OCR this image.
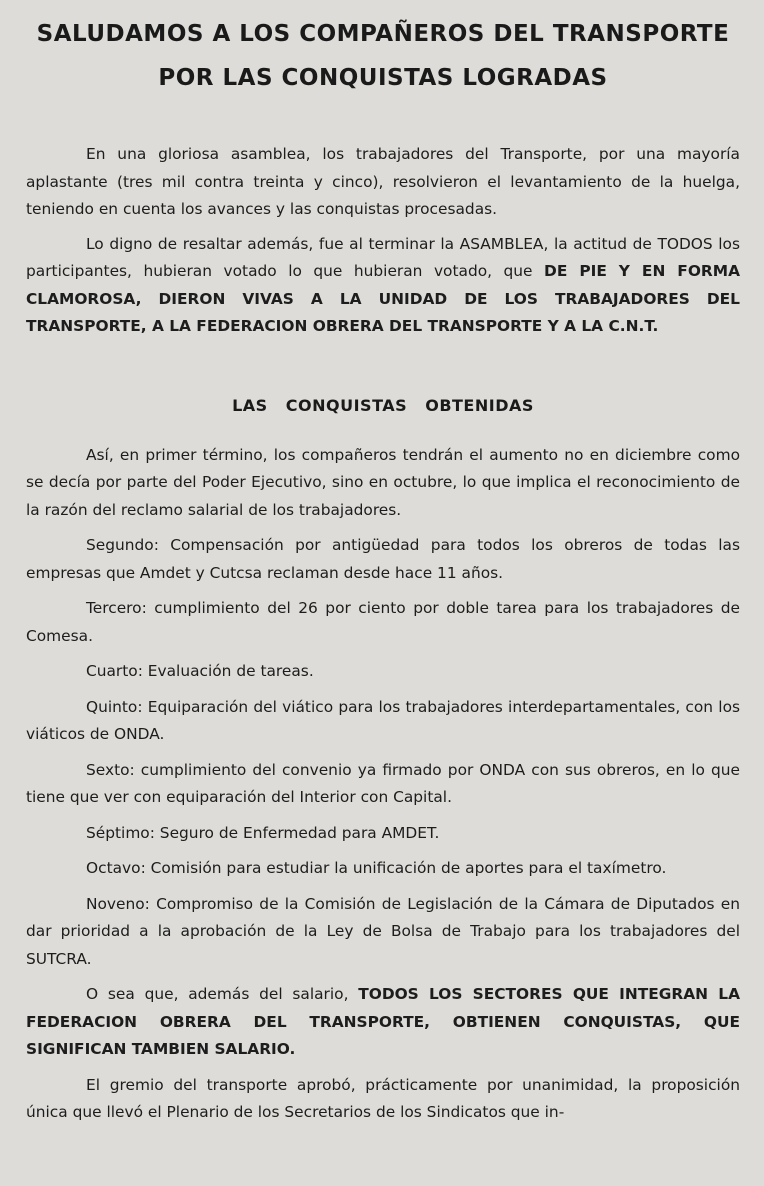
SALUDAMOS A LOS COMPAÑEROS DEL TRANSPORTE
POR LAS CONQUISTAS LOGRADAS

En una gloriosa asamblea, los trabajadores del Transporte, por una mayoría aplastante (tres mil contra treinta y cinco), resolvieron el levantamiento de la huelga, teniendo en cuenta los avances y las conquistas procesadas.

Lo digno de resaltar además, fue al terminar la ASAMBLEA, la actitud de TODOS los participantes, hubieran votado lo que hubieran votado, que DE PIE Y EN FORMA CLAMOROSA, DIERON VIVAS A LA UNIDAD DE LOS TRABAJADORES DEL TRANSPORTE, A LA FEDERACION OBRERA DEL TRANSPORTE Y A LA C.N.T.

LAS CONQUISTAS OBTENIDAS

Así, en primer término, los compañeros tendrán el aumento no en diciembre como se decía por parte del Poder Ejecutivo, sino en octubre, lo que implica el reconocimiento de la razón del reclamo salarial de los trabajadores.

Segundo: Compensación por antigüedad para todos los obreros de todas las empresas que Amdet y Cutcsa reclaman desde hace 11 años.

Tercero: cumplimiento del 26 por ciento por doble tarea para los trabajadores de Comesa.

Cuarto: Evaluación de tareas.

Quinto: Equiparación del viático para los trabajadores interdepartamentales, con los viáticos de ONDA.

Sexto: cumplimiento del convenio ya firmado por ONDA con sus obreros, en lo que tiene que ver con equiparación del Interior con Capital.

Séptimo: Seguro de Enfermedad para AMDET.

Octavo: Comisión para estudiar la unificación de aportes para el taxímetro.

Noveno: Compromiso de la Comisión de Legislación de la Cámara de Diputados en dar prioridad a la aprobación de la Ley de Bolsa de Trabajo para los trabajadores del SUTCRA.

O sea que, además del salario, TODOS LOS SECTORES QUE INTEGRAN LA FEDERACION OBRERA DEL TRANSPORTE, OBTIENEN CONQUISTAS, QUE SIGNIFICAN TAMBIEN SALARIO.

El gremio del transporte aprobó, prácticamente por unanimidad, la proposición única que llevó el Plenario de los Secretarios de los Sindicatos que in-
